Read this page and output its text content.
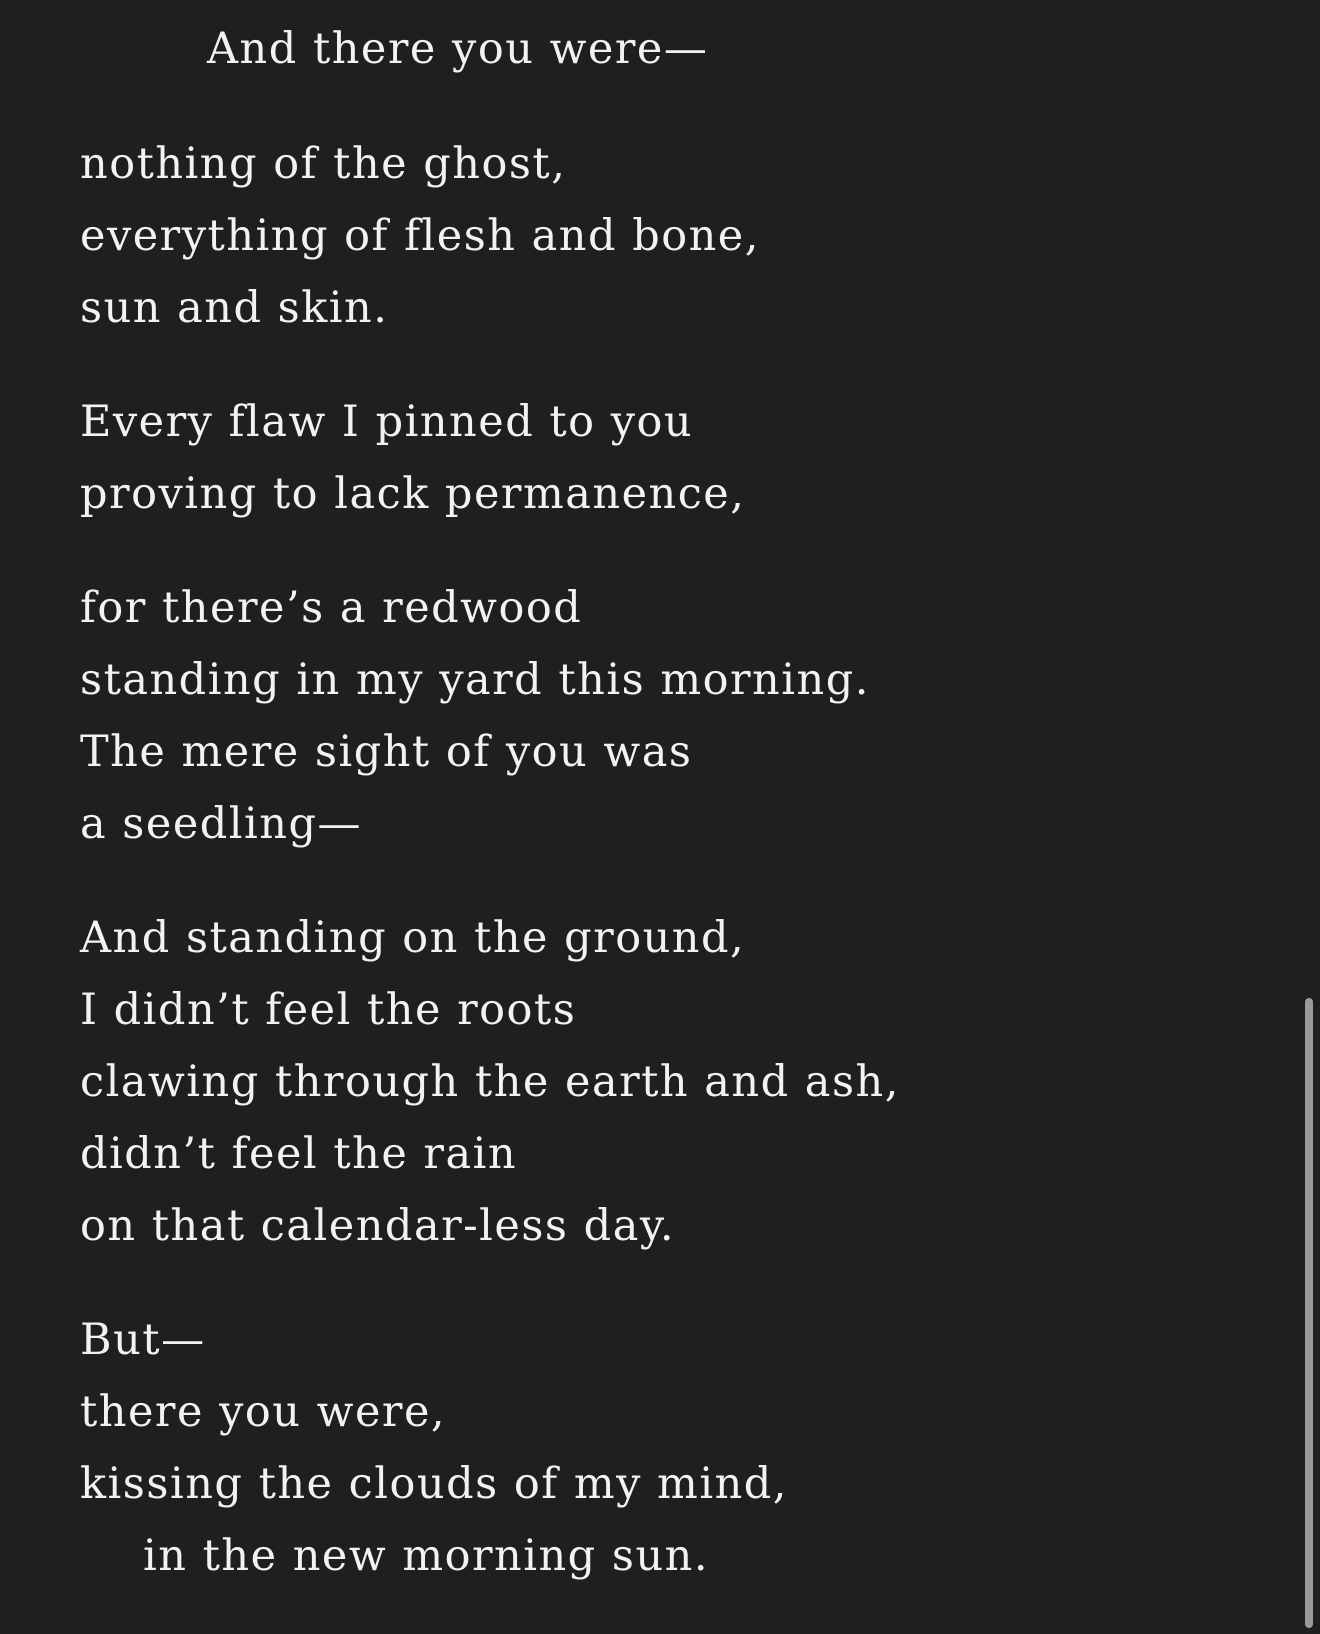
And there you were—

nothing of the ghost,

everything of flesh and bone,

sun and skin.

Every flaw I pinned to you

proving to lack permanence,

for there’s a redwood

standing in my yard this morning.

The mere sight of you was

a seedling—

And standing on the ground,

I didn’t feel the roots

clawing through the earth and ash,

didn’t feel the rain

on that calendar-less day.

But—

there you were,

kissing the clouds of my mind,

in the new morning sun.
